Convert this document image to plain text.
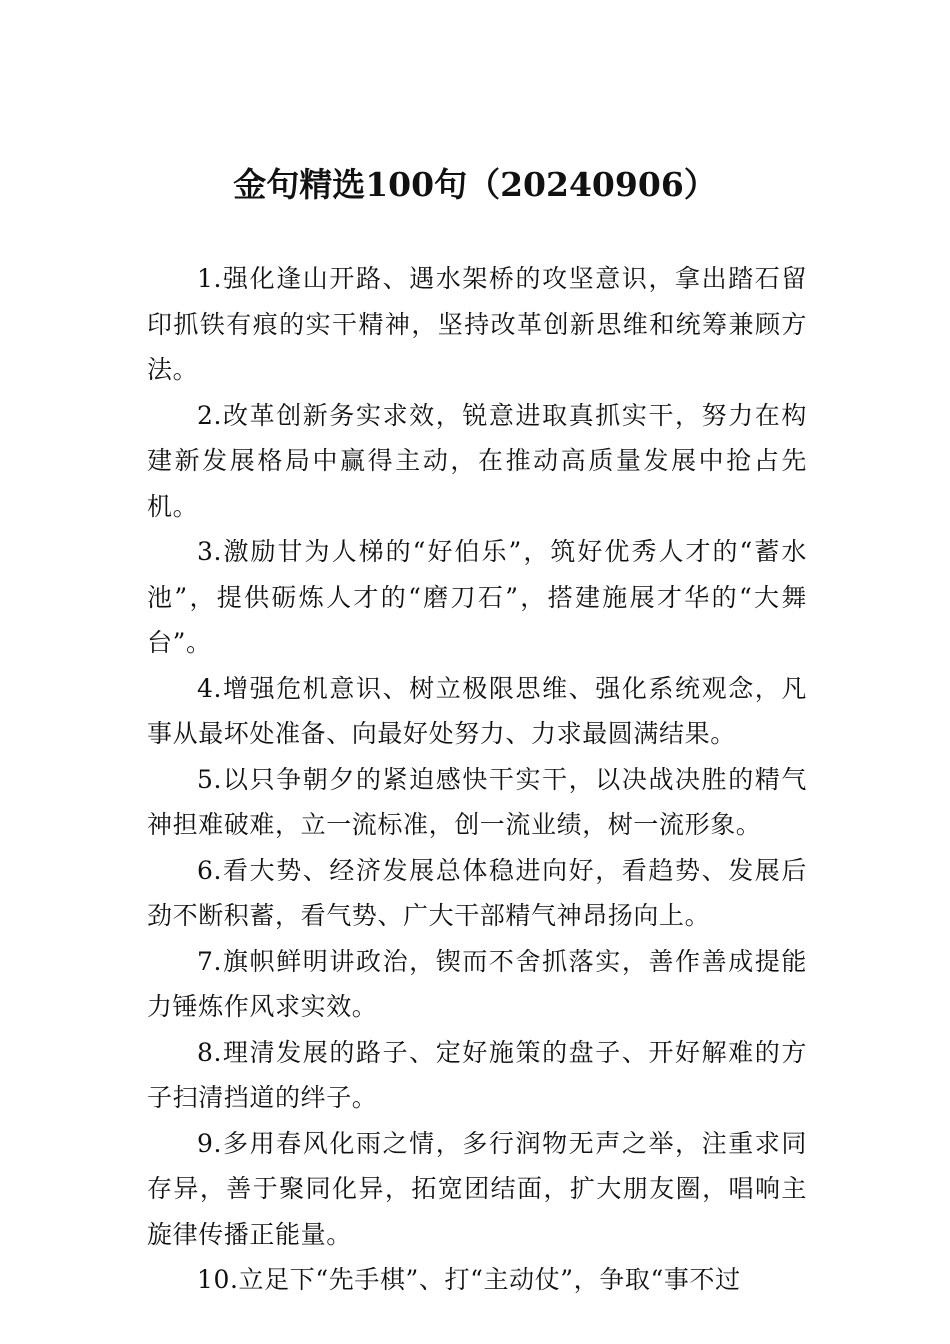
金句精选100句（20240906）

1.强化逢山开路、遇水架桥的攻坚意识，拿出踏石留印抓铁有痕的实干精神，坚持改革创新思维和统筹兼顾方法。

2.改革创新务实求效，锐意进取真抓实干，努力在构建新发展格局中赢得主动，在推动高质量发展中抢占先机。

3.激励甘为人梯的“好伯乐”，筑好优秀人才的“蓄水池”，提供砺炼人才的“磨刀石”，搭建施展才华的“大舞台”。

4.增强危机意识、树立极限思维、强化系统观念，凡事从最坏处准备、向最好处努力、力求最圆满结果。

5.以只争朝夕的紧迫感快干实干，以决战决胜的精气神担难破难，立一流标准，创一流业绩，树一流形象。

6.看大势、经济发展总体稳进向好，看趋势、发展后劲不断积蓄，看气势、广大干部精气神昂扬向上。

7.旗帜鲜明讲政治，锲而不舍抓落实，善作善成提能力锤炼作风求实效。

8.理清发展的路子、定好施策的盘子、开好解难的方子扫清挡道的绊子。

9.多用春风化雨之情，多行润物无声之举，注重求同存异，善于聚同化异，拓宽团结面，扩大朋友圈，唱响主旋律传播正能量。

10.立足下“先手棋”、打“主动仗”，争取“事不过
